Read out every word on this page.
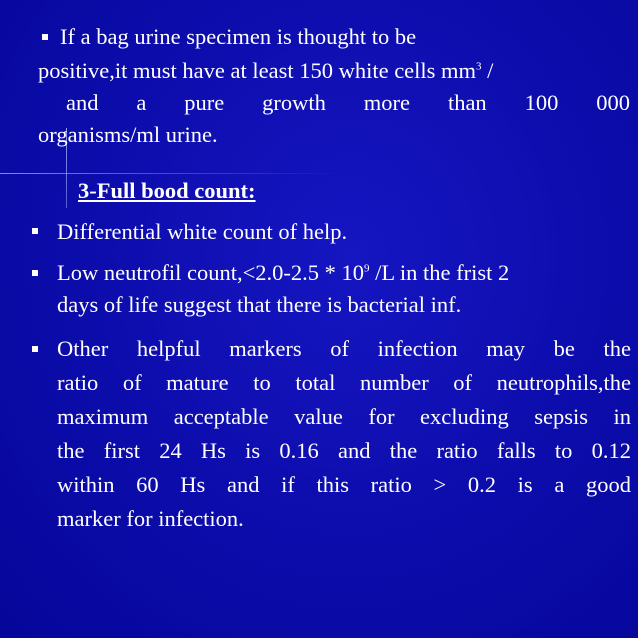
If a bag urine specimen is thought to be

positive,it must have at least 150 white cells $mm^3$ /

and a pure growth more than 100 000

organisms/ml urine.

3-Full bood count:

Differential white count of help.

Low neutrofil count,<2.0-2.5 * $10^9$ /L in the frist 2

days of life suggest that there is bacterial inf.

Other helpful markers of infection may be the

ratio of mature to total number of neutrophils,the

maximum acceptable value for excluding sepsis in

the first 24 Hs is 0.16 and the ratio falls to 0.12

within 60 Hs and if this ratio > 0.2 is a good

marker for infection.
